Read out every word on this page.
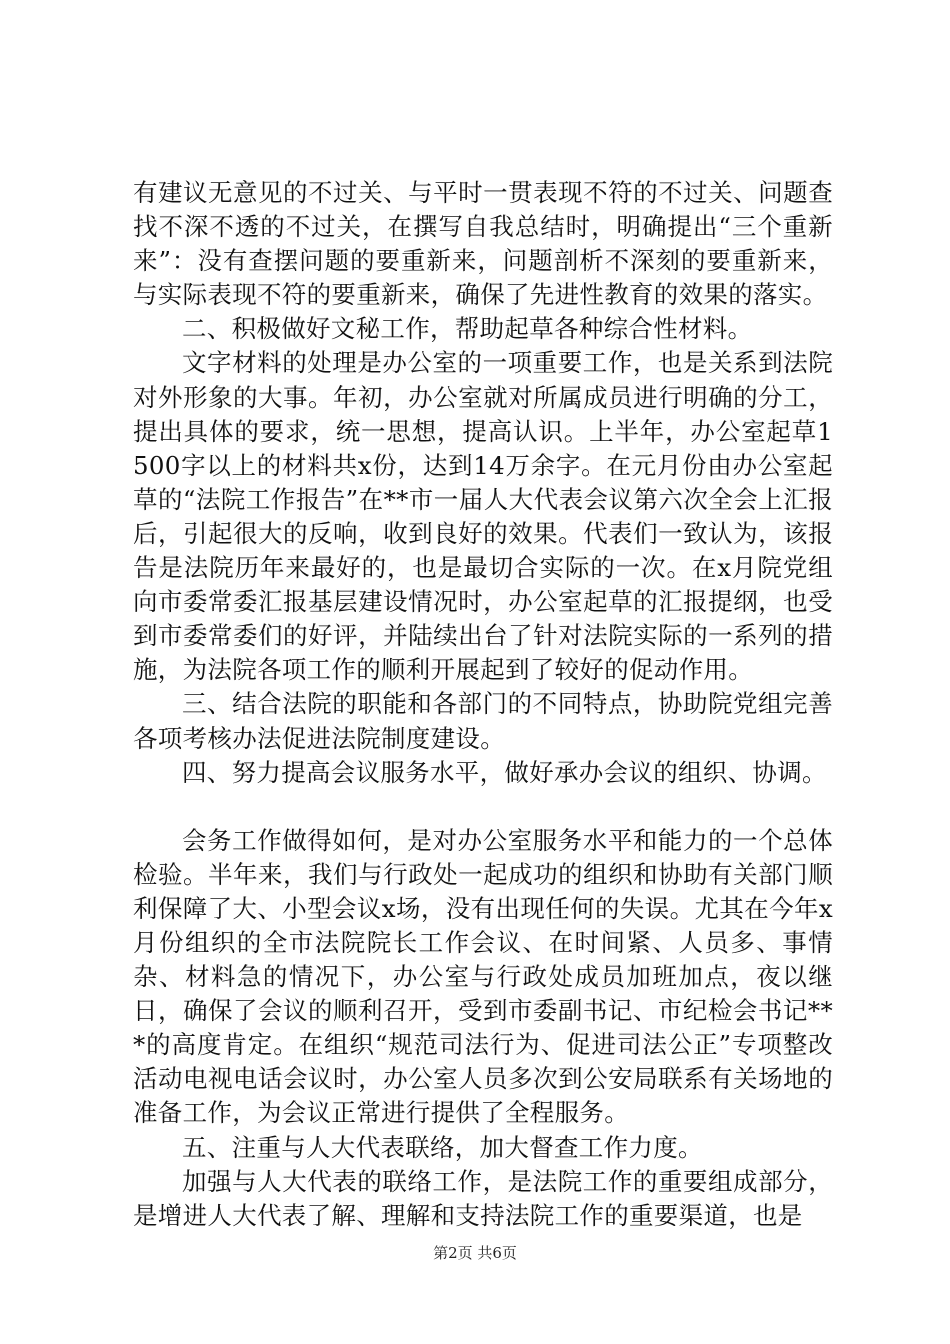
有建议无意见的不过关、与平时一贯表现不符的不过关、问题查找不深不透的不过关，在撰写自我总结时，明确提出“三个重新来”：没有查摆问题的要重新来，问题剖析不深刻的要重新来，与实际表现不符的要重新来，确保了先进性教育的效果的落实。

二、积极做好文秘工作，帮助起草各种综合性材料。

文字材料的处理是办公室的一项重要工作，也是关系到法院对外形象的大事。年初，办公室就对所属成员进行明确的分工，提出具体的要求，统一思想，提高认识。上半年，办公室起草1500字以上的材料共x份，达到14万余字。在元月份由办公室起草的“法院工作报告”在**市一届人大代表会议第六次全会上汇报后，引起很大的反响，收到良好的效果。代表们一致认为，该报告是法院历年来最好的，也是最切合实际的一次。在x月院党组向市委常委汇报基层建设情况时，办公室起草的汇报提纲，也受到市委常委们的好评，并陆续出台了针对法院实际的一系列的措施，为法院各项工作的顺利开展起到了较好的促动作用。

三、结合法院的职能和各部门的不同特点，协助院党组完善各项考核办法促进法院制度建设。

四、努力提高会议服务水平，做好承办会议的组织、协调。

会务工作做得如何，是对办公室服务水平和能力的一个总体检验。半年来，我们与行政处一起成功的组织和协助有关部门顺利保障了大、小型会议x场，没有出现任何的失误。尤其在今年x月份组织的全市法院院长工作会议、在时间紧、人员多、事情杂、材料急的情况下，办公室与行政处成员加班加点，夜以继日，确保了会议的顺利召开，受到市委副书记、市纪检会书记***的高度肯定。在组织“规范司法行为、促进司法公正”专项整改活动电视电话会议时，办公室人员多次到公安局联系有关场地的准备工作，为会议正常进行提供了全程服务。

五、注重与人大代表联络，加大督查工作力度。

加强与人大代表的联络工作，是法院工作的重要组成部分，是增进人大代表了解、理解和支持法院工作的重要渠道，也是

第2页 共6页
